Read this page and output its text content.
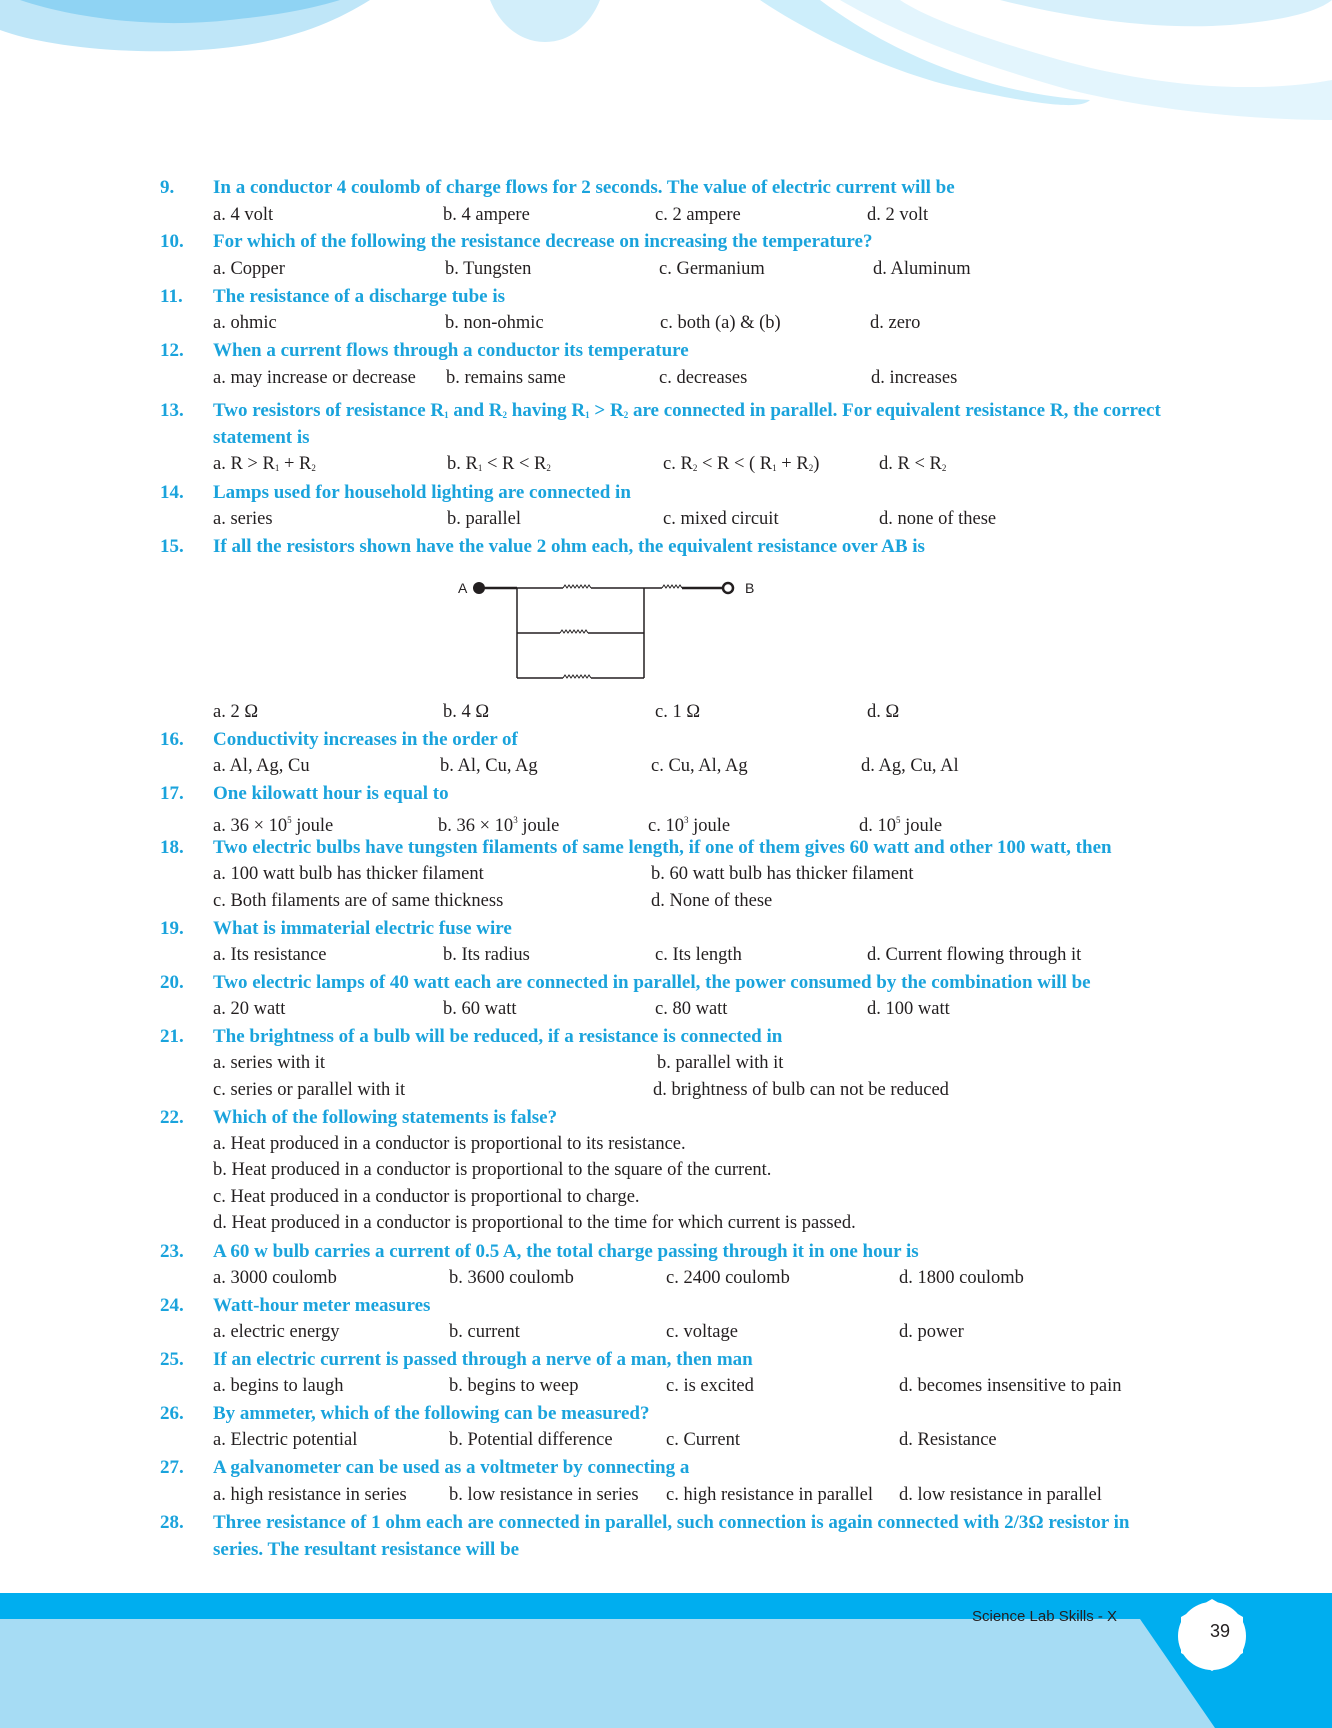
9.	In a conductor 4 coulomb of charge flows for 2 seconds. The value of electric current will be
a. 4 volt	b. 4 ampere	c. 2 ampere	d. 2 volt
10.	For which of the following the resistance decrease on increasing the temperature?
a. Copper	b. Tungsten	c. Germanium	d. Aluminum
11.	The resistance of a discharge tube is
a. ohmic	b. non-ohmic	c. both (a) & (b)	d. zero
12.	When a current flows through a conductor its temperature
a. may increase or decrease b. remains same	c. decreases	d. increases
13.	Two resistors of resistance $R_1$ and $R_2$ having $R_1 > R_2$ are connected in parallel. For equivalent resistance R, the correct
statement is
a. $R > R_1 + R_2$	b. $R_1 < R < R_2$	c. $R_2 < R$ < ( $R_1 + R_2$)	d. $R < R_2$
14.	Lamps used for household lighting are connected in
a. series	b. parallel	c. mixed circuit	d. none of these
15.	If all the resistors shown have the value 2 ohm each, the equivalent resistance over AB is
A	B
a. 2 Ω	b. 4 Ω	c. 1 Ω	d. Ω
16.	Conductivity increases in the order of
a. Al, Ag, Cu	b. Al, Cu, Ag	c. Cu, Al, Ag	d. Ag, Cu, Al
17.	One kilowatt hour is equal to
a. $36 \times 10^5$ joule	b. $36 \times 10^3$ joule	c. $10^3$ joule	d. $10^5$ joule
18.	Two electric bulbs have tungsten filaments of same length, if one of them gives 60 watt and other 100 watt, then
a. 100 watt bulb has thicker filament	b. 60 watt bulb has thicker filament
c. Both filaments are of same thickness	d. None of these
19.	What is immaterial electric fuse wire
a. Its resistance	b. Its radius	c. Its length	d. Current flowing through it
20.	Two electric lamps of 40 watt each are connected in parallel, the power consumed by the combination will be
a. 20 watt	b. 60 watt	c. 80 watt	d. 100 watt
21.	The brightness of a bulb will be reduced, if a resistance is connected in
a. series with it	b. parallel with it
c. series or parallel with it	d. brightness of bulb can not be reduced
22.	Which of the following statements is false?
a. Heat produced in a conductor is proportional to its resistance.
b. Heat produced in a conductor is proportional to the square of the current.
c. Heat produced in a conductor is proportional to charge.
d. Heat produced in a conductor is proportional to the time for which current is passed.
23.	A 60 w bulb carries a current of 0.5 A, the total charge passing through it in one hour is
a. 3000 coulomb	b. 3600 coulomb	c. 2400 coulomb	d. 1800 coulomb
24.	Watt-hour meter measures
a. electric energy	b. current	c. voltage	d. power
25.	If an electric current is passed through a nerve of a man, then man
a. begins to laugh	b. begins to weep	c. is excited	d. becomes insensitive to pain
26.	By ammeter, which of the following can be measured?
a. Electric potential	b. Potential difference	c. Current	d. Resistance
27.	A galvanometer can be used as a voltmeter by connecting a
a. high resistance in series b. low resistance in series c. high resistance in parallel d. low resistance in parallel
28.	Three resistance of 1 ohm each are connected in parallel, such connection is again connected with 2/3Ω resistor in
series. The resultant resistance will be
Science Lab Skills - X
39
